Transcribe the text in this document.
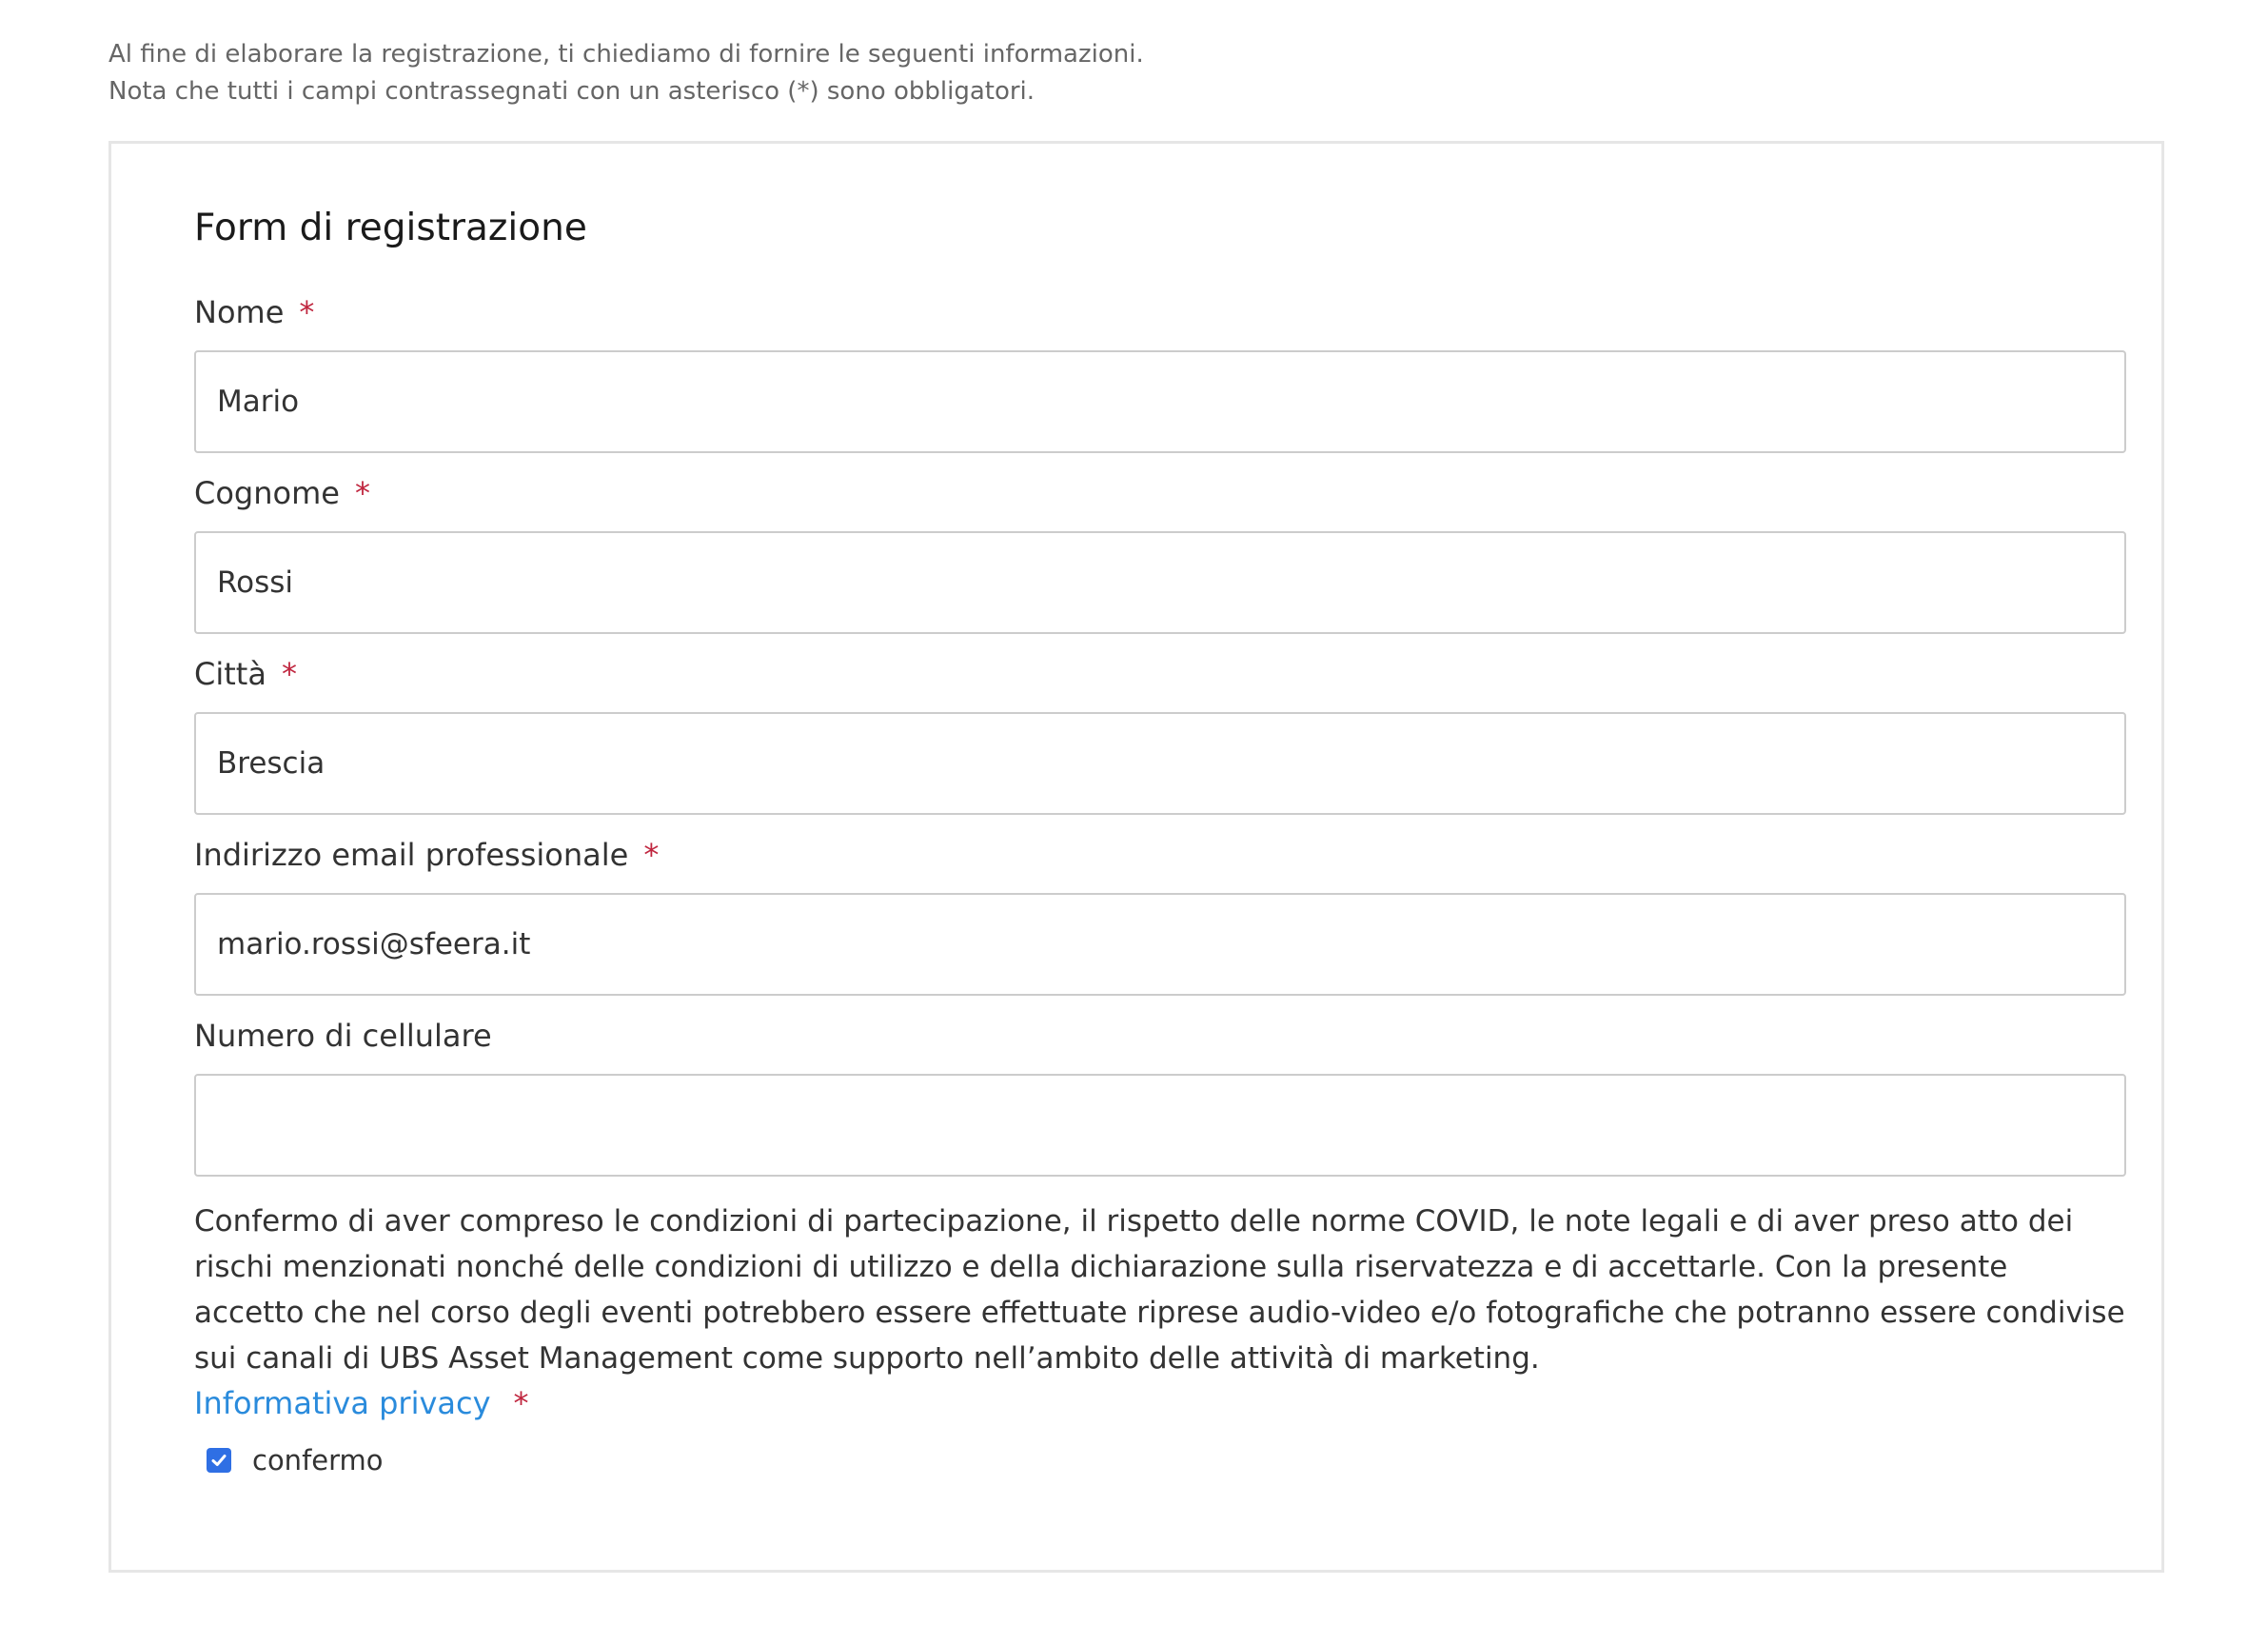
Al fine di elaborare la registrazione, ti chiediamo di fornire le seguenti informazioni.

Nota che tutti i campi contrassegnati con un asterisco (*) sono obbligatori.

Form di registrazione
Nome *
Mario
Cognome *
Rossi
Città *
Brescia
Indirizzo email professionale *
mario.rossi@sfeera.it
Numero di cellulare

Confermo di aver compreso le condizioni di partecipazione, il rispetto delle norme COVID, le note legali e di aver preso atto dei rischi menzionati nonché delle condizioni di utilizzo e della dichiarazione sulla riservatezza e di accettarle. Con la presente accetto che nel corso degli eventi potrebbero essere effettuate riprese audio-video e/o fotografiche che potranno essere condivise sui canali di UBS Asset Management come supporto nell’ambito delle attività di marketing.

Informativa privacy *
confermo
